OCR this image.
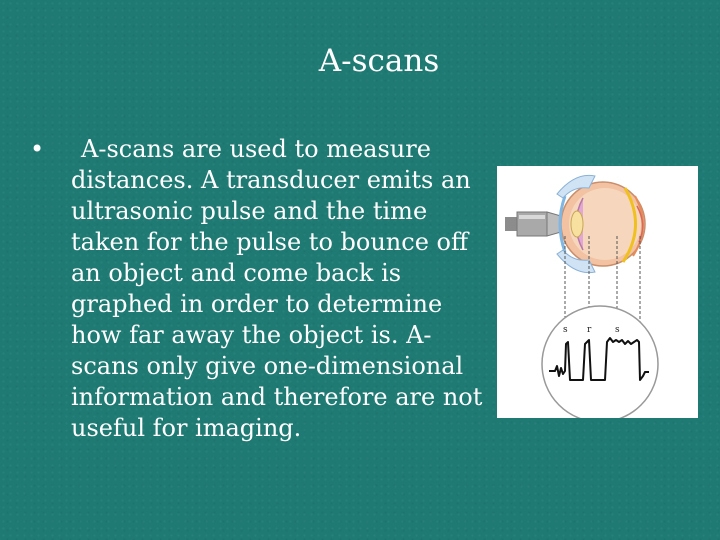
A-scans
•	A-scans are used to measure distances. A transducer emits an ultrasonic pulse and the time taken for the pulse to bounce off an object and come back is graphed in order to determine how far away the object is. A-scans only give one-dimensional information and therefore are not useful for imaging.

s r	s
